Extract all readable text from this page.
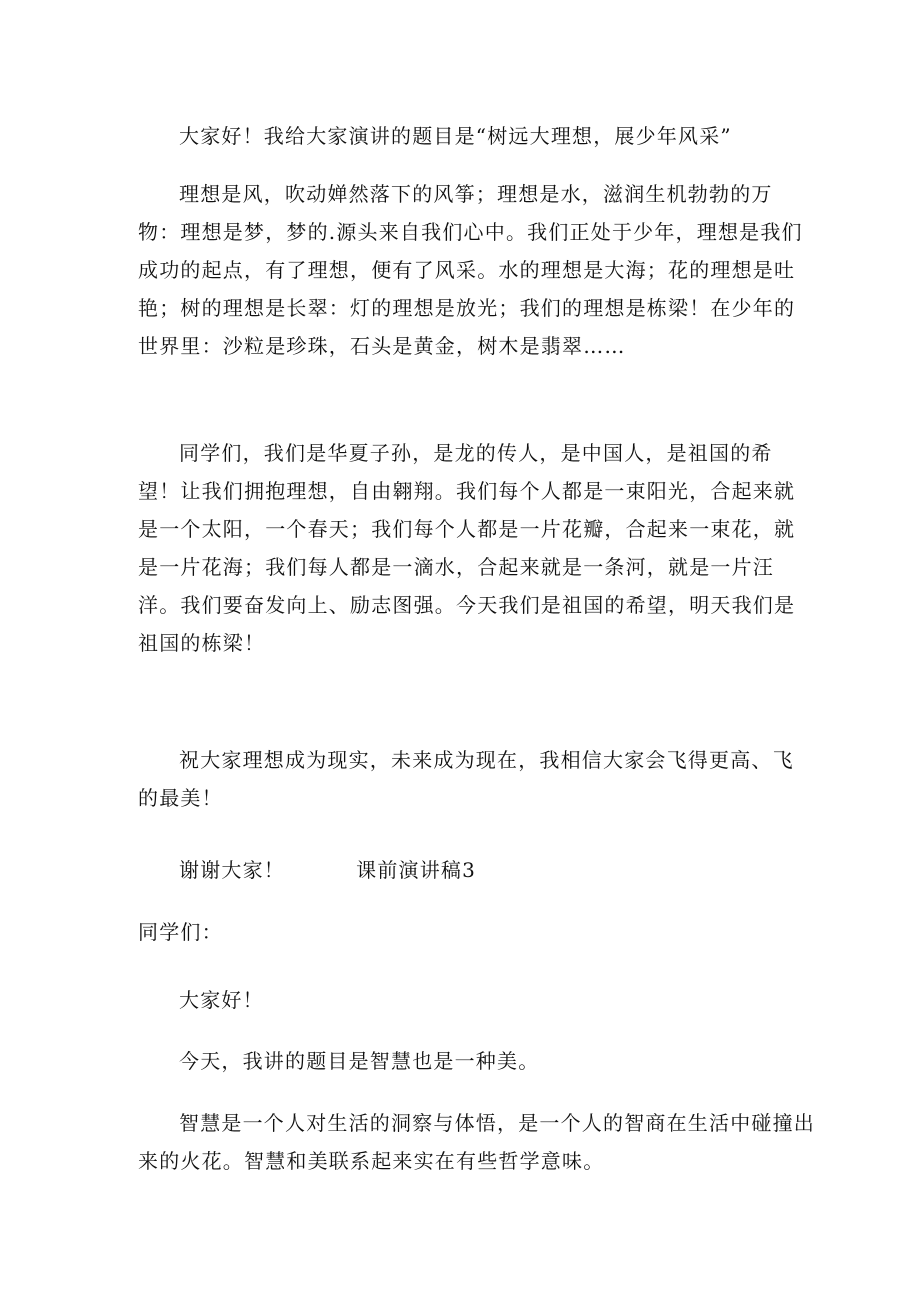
大家好！我给大家演讲的题目是“树远大理想，展少年风采”
理想是风，吹动婵然落下的风筝；理想是水，滋润生机勃勃的万
物：理想是梦，梦的.源头来自我们心中。我们正处于少年，理想是我们
成功的起点，有了理想，便有了风采。水的理想是大海；花的理想是吐
艳；树的理想是长翠：灯的理想是放光；我们的理想是栋梁！在少年的
世界里：沙粒是珍珠，石头是黄金，树木是翡翠……
同学们，我们是华夏子孙，是龙的传人，是中国人，是祖国的希
望！让我们拥抱理想，自由翱翔。我们每个人都是一束阳光，合起来就
是一个太阳，一个春天；我们每个人都是一片花瓣，合起来一束花，就
是一片花海；我们每人都是一滴水，合起来就是一条河，就是一片汪
洋。我们要奋发向上、励志图强。今天我们是祖国的希望，明天我们是
祖国的栋梁！
祝大家理想成为现实，未来成为现在，我相信大家会飞得更高、飞
的最美！
谢谢大家！	课前演讲稿3
同学们：
大家好！
今天，我讲的题目是智慧也是一种美。
智慧是一个人对生活的洞察与体悟，是一个人的智商在生活中碰撞出
来的火花。智慧和美联系起来实在有些哲学意味。
